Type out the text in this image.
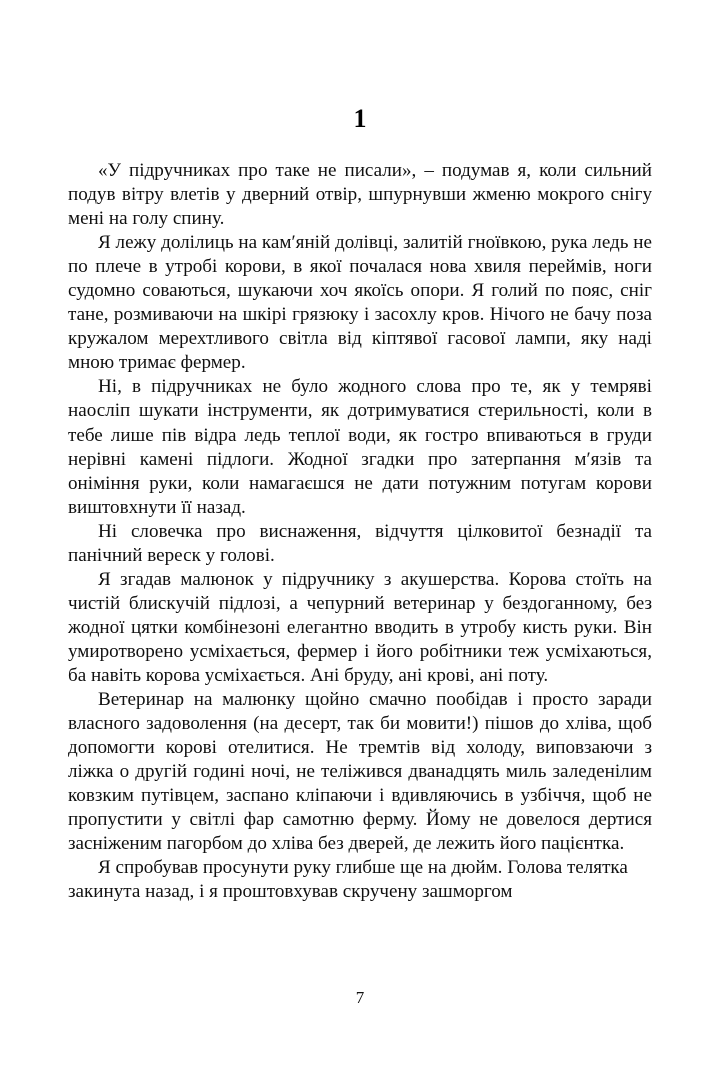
1

«У підручниках про таке не писали», – подумав я, коли сильний подув вітру влетів у дверний отвір, шпурнувши жменю мокрого снігу мені на голу спину.

Я лежу долілиць на кам′яній долівці, залитій гноївкою, рука ледь не по плече в утробі корови, в якої почалася нова хвиля переймів, ноги судомно соваються, шукаючи хоч якоїсь опори. Я голий по пояс, сніг тане, розмиваючи на шкірі грязюку і засохлу кров. Нічого не бачу поза кружалом мерехтливого світла від кіптявої гасової лампи, яку наді мною тримає фермер.

Ні, в підручниках не було жодного слова про те, як у темряві наосліп шукати інструменти, як дотримуватися стерильності, коли в тебе лише пів відра ледь теплої води, як гостро впиваються в груди нерівні камені підлоги. Жодної згадки про затерпання м′язів та оніміння руки, коли намагаєшся не дати потужним потугам корови виштовхнути її назад.

Ні словечка про виснаження, відчуття цілковитої безнадії та панічний вереск у голові.

Я згадав малюнок у підручнику з акушерства. Корова стоїть на чистій блискучій підлозі, а чепурний ветеринар у бездоганному, без жодної цятки комбінезоні елегантно вводить в утробу кисть руки. Він умиротворено усміхається, фермер і його робітники теж усміхаються, ба навіть корова усміхається. Ані бруду, ані крові, ані поту.

Ветеринар на малюнку щойно смачно пообідав і просто заради власного задоволення (на десерт, так би мовити!) пішов до хліва, щоб допомогти корові отелитися. Не тремтів від холоду, виповзаючи з ліжка о другій годині ночі, не теліжився дванадцять миль заледенілим ковзким путівцем, заспано кліпаючи і вдивляючись в узбіччя, щоб не пропустити у світлі фар самотню ферму. Йому не довелося дертися засніженим пагорбом до хліва без дверей, де лежить його пацієнтка.

Я спробував просунути руку глибше ще на дюйм. Голова телятка закинута назад, і я проштовхував скручену зашморгом

7
